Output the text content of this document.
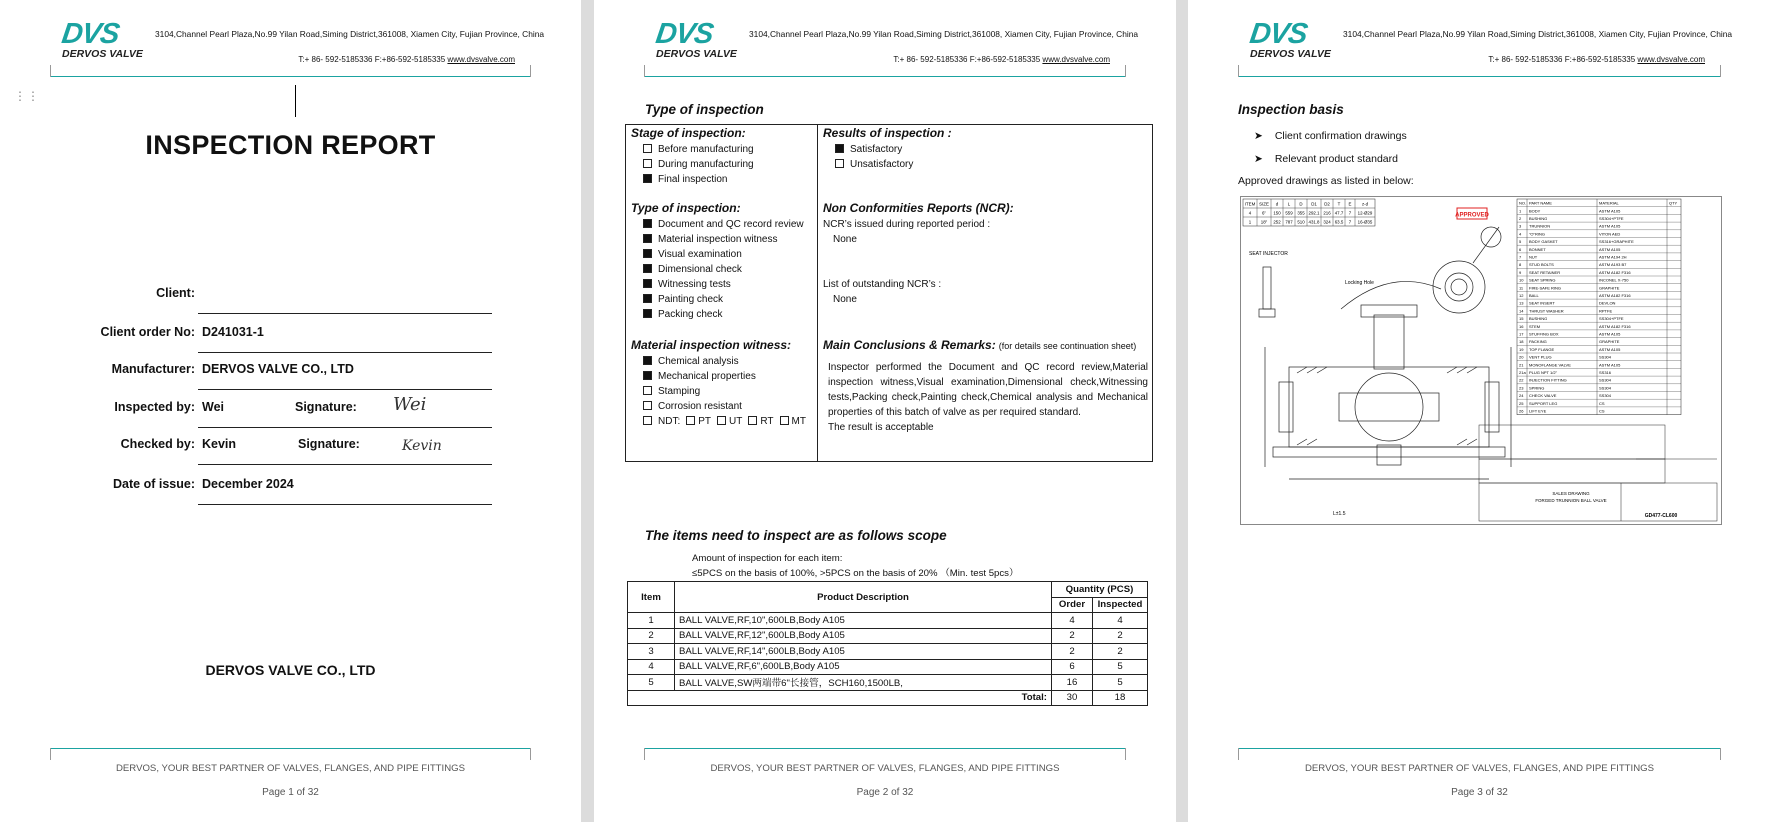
DVS
DERVOS VALVE
3104,Channel Pearl Plaza,No.99 Yilan Road,Siming District,361008, Xiamen City, Fujian Province, China
T:+ 86- 592-5185336 F:+86-592-5185335 www.dvsvalve.com
⋮⋮
INSPECTION REPORT
Client:
Client order No: D241031-1
Manufacturer: DERVOS VALVE CO., LTD
Inspected by: Wei	Signature: Wei
Checked by: Kevin	Signature:	Kevin
Date of issue: December 2024
DERVOS VALVE CO., LTD
DERVOS, YOUR BEST PARTNER OF VALVES, FLANGES, AND PIPE FITTINGS
Page 1 of 32
DVS
DERVOS VALVE
3104,Channel Pearl Plaza,No.99 Yilan Road,Siming District,361008, Xiamen City, Fujian Province, China
T:+ 86- 592-5185336 F:+86-592-5185335 www.dvsvalve.com
Type of inspection
Stage of inspection:
Before manufacturing
During manufacturing
Final inspection
Type of inspection:
Document and QC record review
Material inspection witness
Visual examination
Dimensional check
Witnessing tests
Painting check
Packing check
Material inspection witness:
Chemical analysis
Mechanical properties
Stamping
Corrosion resistant
NDT: PT UT RT MT
Results of inspection :
Satisfactory
Unsatisfactory
Non Conformities Reports (NCR):
NCR’s issued during reported period :
None
List of outstanding NCR’s :
None
Main Conclusions & Remarks: (for details see continuation sheet)
Inspector performed the Document and QC record review,Material inspection witness,Visual examination,Dimensional check,Witnessing tests,Packing check,Painting check,Chemical analysis and Mechanical properties of this batch of valve as per required standard.
The result is acceptable
The items need to inspect are as follows scope
Amount of inspection for each item:
≤5PCS on the basis of 100%, >5PCS on the basis of 20% （Min. test 5pcs）
Item	Product Description	Quantity (PCS)	
		Order	Inspected
1	BALL VALVE,RF,10",600LB,Body A105	4	4
2	BALL VALVE,RF,12",600LB,Body A105	2	2
3	BALL VALVE,RF,14",600LB,Body A105	2	2
4	BALL VALVE,RF,6",600LB,Body A105	6	5
5	BALL VALVE,SW两端带6"长接管，SCH160,1500LB,	16	5
Total:		30	18
DERVOS, YOUR BEST PARTNER OF VALVES, FLANGES, AND PIPE FITTINGS
Page 2 of 32
DVS
DERVOS VALVE
3104,Channel Pearl Plaza,No.99 Yilan Road,Siming District,361008, Xiamen City, Fujian Province, China
T:+ 86- 592-5185336 F:+86-592-5185335 www.dvsvalve.com
Inspection basis
➤ Client confirmation drawings
➤ Relevant product standard
Approved drawings as listed in below:
ITEM SIZE d L D D1 D2 T E z-d
4 6" 150 559 355 292.1 216 47.7 7 12-Ø29
1 18" 252 787 510 431.8 324 63.5 7 16-Ø35
APPROVED
SEAT INJECTOR
Locking Hole
L±1.5
NO. PART NAME	MATERIAL	QTY
1 BODY	ASTM A105
2 BUSHING	SS304+PTFE
3 TRUNNION	ASTM A105
4 "O"RING	VITON AED
5 BODY GASKET	SS316+GRAPHITE
6 BONNET	ASTM A105
7 NUT	ASTM A194 2H
8 STUD BOLTS	ASTM A193 B7
9 SEAT RETAINER	ASTM A182 F316
10 SEAT SPRING	INCONEL X-750
11 FIRE-SAFE RING	GRAPHITE
12 BALL	ASTM A182 F316
13 SEAT INSERT	DEVLON
14 THRUST WASHER	RPTFE
15 BUSHING	SS304+PTFE
16 STEM	ASTM A182 F316
17 STUFFING BOX	ASTM A105
18 PACKING	GRAPHITE
19 TOP FLANGE	ASTM A105
20 VENT PLUG	SS304
21 MONOFLANGE VALVE	ASTM A105
21a PLUG NPT 1/2"	SS316
22 INJECTION FITTING	SS304
23 SPRING	SS304
24 CHECK VALVE	SS304
25 SUPPORT LEG	CS
26 LIFT EYE	CS
SALES DRAWING
FORGED TRUNNION BALL VALVE
GD477-CL600
DERVOS, YOUR BEST PARTNER OF VALVES, FLANGES, AND PIPE FITTINGS
Page 3 of 32
